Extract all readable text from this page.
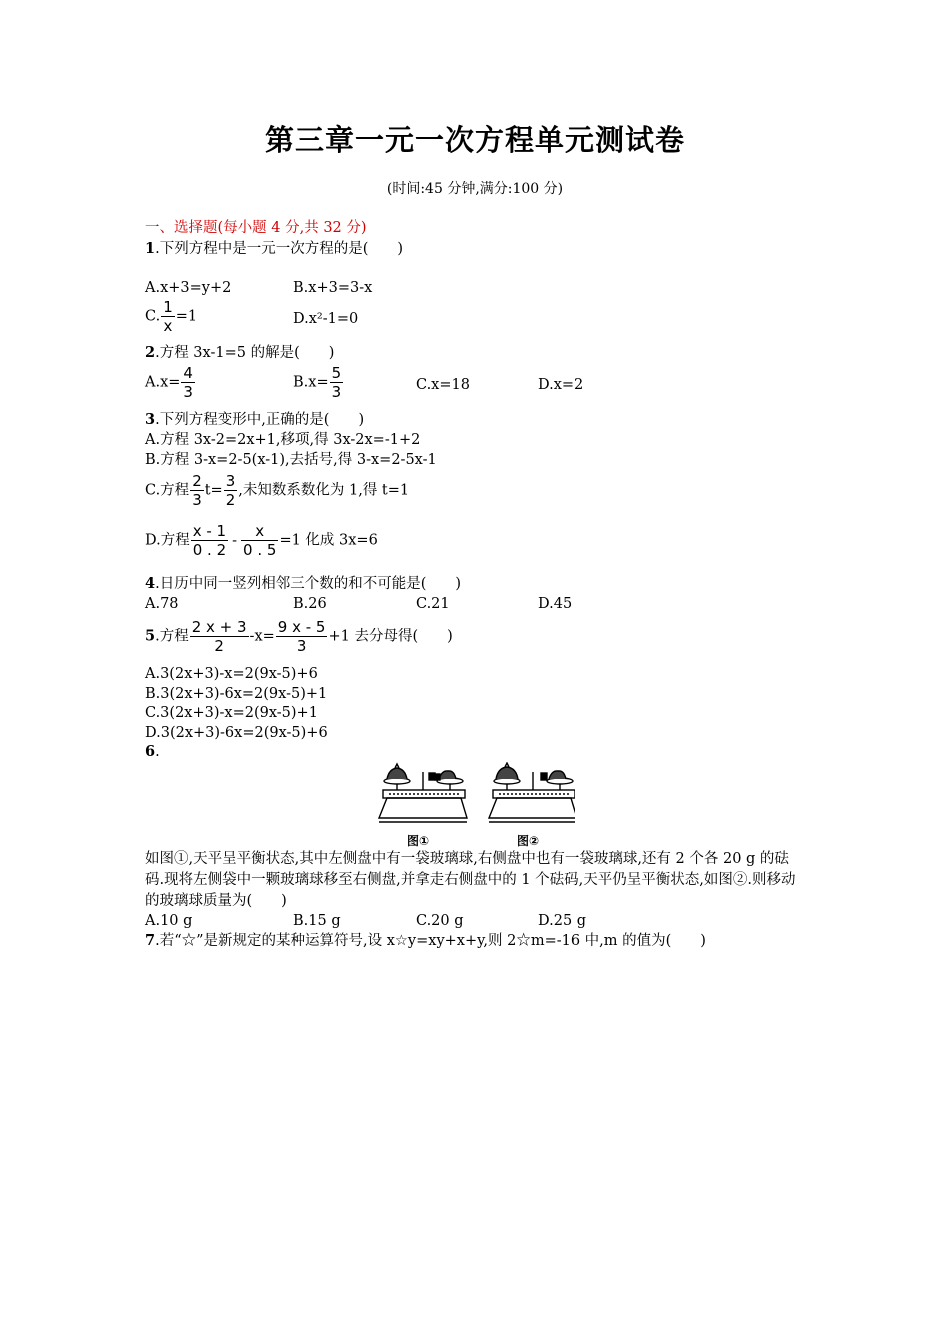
第三章一元一次方程单元测试卷
(时间:45 分钟,满分:100 分)
一、选择题(每小题 4 分,共 32 分)
1.下列方程中是一元一次方程的是(　　)
A.x+3=y+2	B.x+3=3-x
C. $\frac{1}{x} =1$	D.x²-1=0
2.方程 3x-1=5 的解是(　　)
$A.x= \frac{4}{3}$	$B.x= \frac{5}{3}$	C.x=18	D.x=2
3.下列方程变形中,正确的是(　　)
A.方程 3x-2=2x+1,移项,得 3x-2x=-1+2
B.方程 3-x=2-5(x-1),去括号,得 3-x=2-5x-1
C.方程 $\frac{2}{3} t= \frac{3}{2}$ ,未知数系数化为 1,得 t=1
D.方程 $\frac{x - 1}{0 . 2} - \frac{x}{0 . 5} =1$ 化成 3x=6
4.日历中同一竖列相邻三个数的和不可能是(　　)
A.78	B.26	C.21	D.45
5.方程 $\frac{2 x + 3}{2} -x= \frac{9 x - 5}{3} +1$ 去分母得(　　)
A.3(2x+3)-x=2(9x-5)+6
B.3(2x+3)-6x=2(9x-5)+1
C.3(2x+3)-x=2(9x-5)+1
D.3(2x+3)-6x=2(9x-5)+6
6.
图①	图②
如图①,天平呈平衡状态,其中左侧盘中有一袋玻璃球,右侧盘中也有一袋玻璃球,还有 2 个各 20 g 的砝码.现将左侧袋中一颗玻璃球移至右侧盘,并拿走右侧盘中的 1 个砝码,天平仍呈平衡状态,如图②.则移动的玻璃球质量为(　　)
A.10 g	B.15 g	C.20 g	D.25 g
7.若“☆”是新规定的某种运算符号,设 x☆y=xy+x+y,则 2☆m=-16 中,m 的值为(　　)
